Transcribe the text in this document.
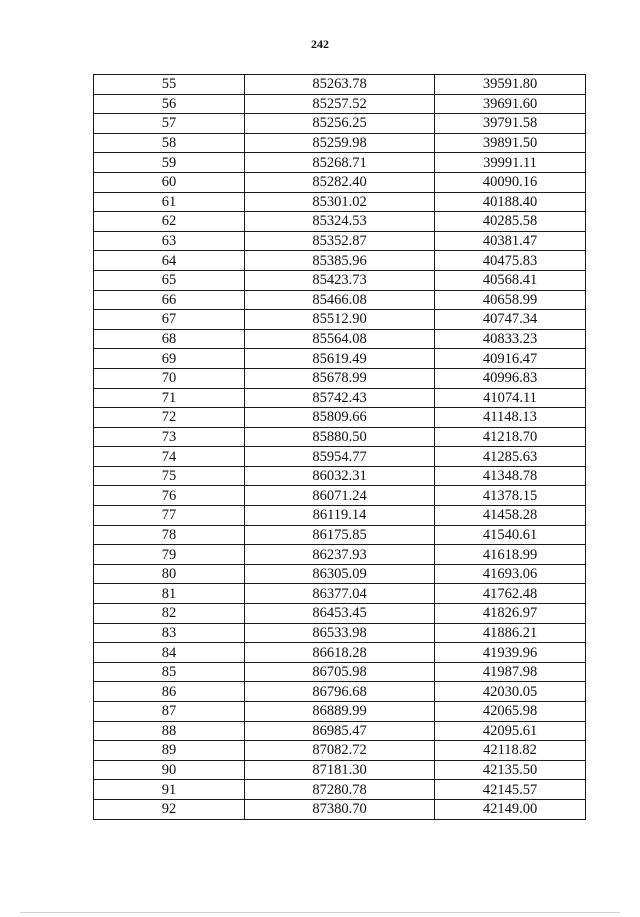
242
55	85263.78	39591.80
56	85257.52	39691.60
57	85256.25	39791.58
58	85259.98	39891.50
59	85268.71	39991.11
60	85282.40	40090.16
61	85301.02	40188.40
62	85324.53	40285.58
63	85352.87	40381.47
64	85385.96	40475.83
65	85423.73	40568.41
66	85466.08	40658.99
67	85512.90	40747.34
68	85564.08	40833.23
69	85619.49	40916.47
70	85678.99	40996.83
71	85742.43	41074.11
72	85809.66	41148.13
73	85880.50	41218.70
74	85954.77	41285.63
75	86032.31	41348.78
76	86071.24	41378.15
77	86119.14	41458.28
78	86175.85	41540.61
79	86237.93	41618.99
80	86305.09	41693.06
81	86377.04	41762.48
82	86453.45	41826.97
83	86533.98	41886.21
84	86618.28	41939.96
85	86705.98	41987.98
86	86796.68	42030.05
87	86889.99	42065.98
88	86985.47	42095.61
89	87082.72	42118.82
90	87181.30	42135.50
91	87280.78	42145.57
92	87380.70	42149.00
